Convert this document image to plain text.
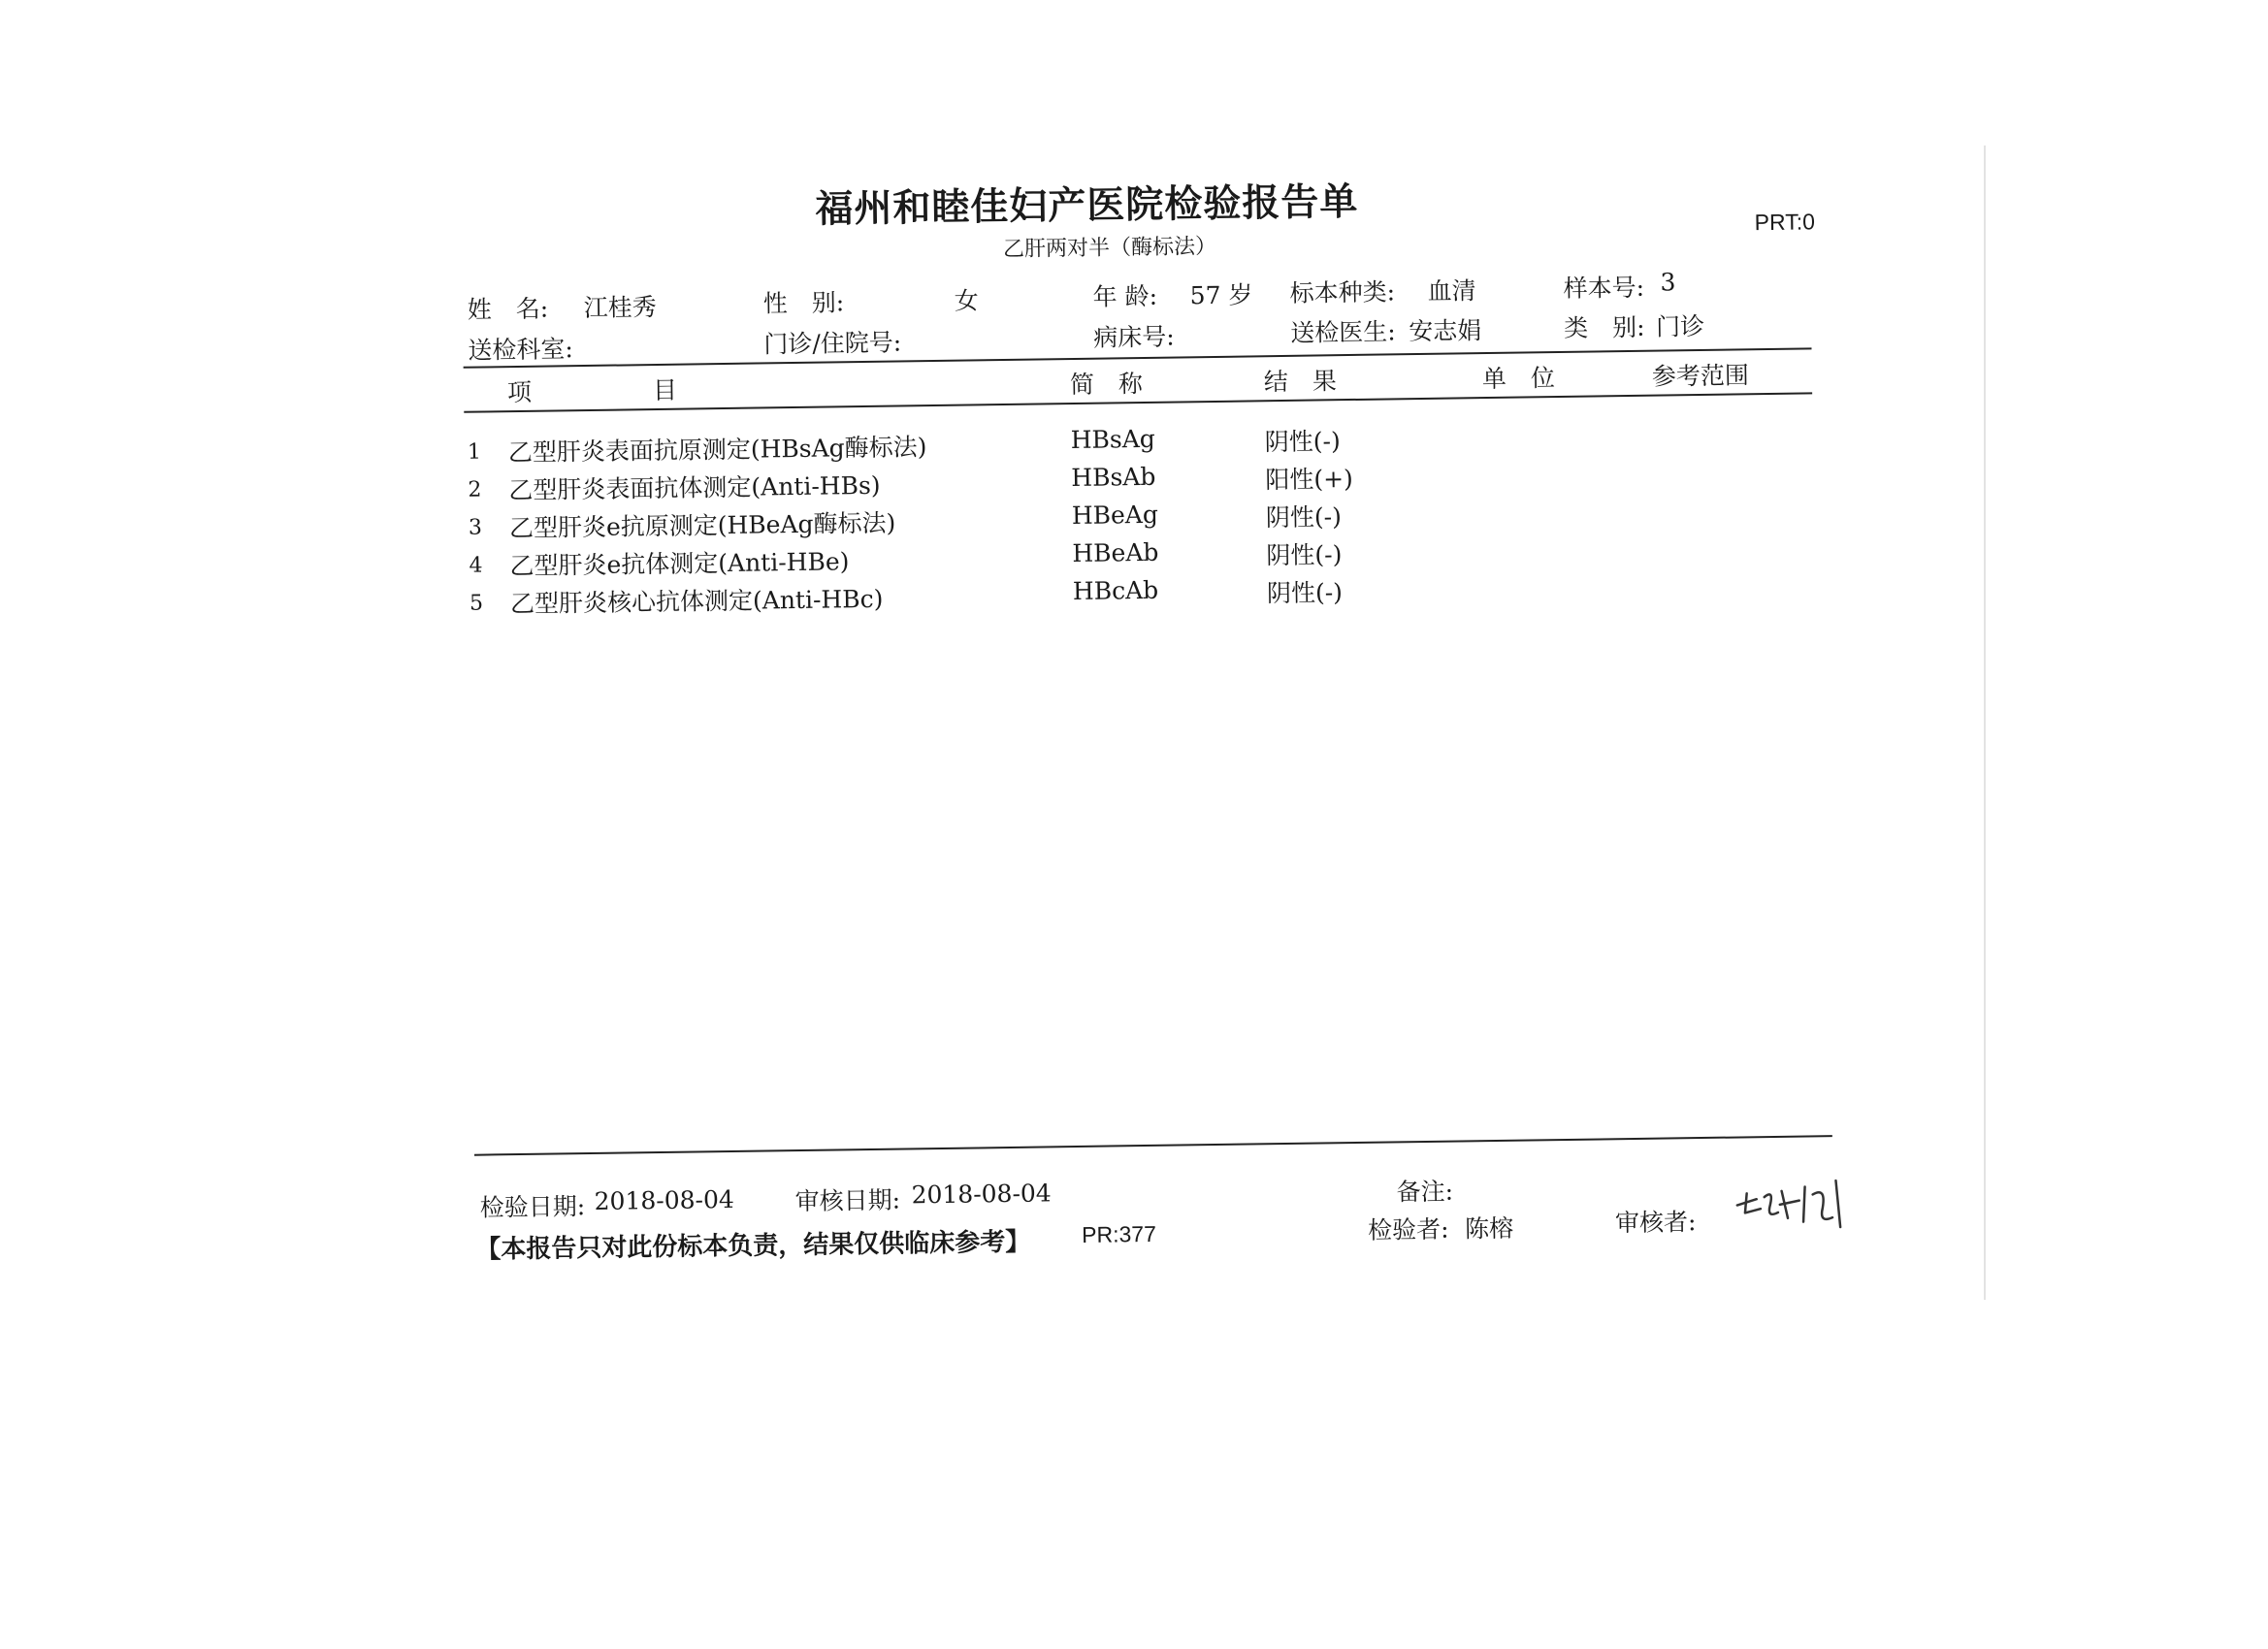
福州和睦佳妇产医院检验报告单
乙肝两对半（酶标法）
PRT:0
姓　名: 江桂秀	性　别:	女	年 龄: 57 岁 标本种类: 血清	样本号: 3
送检科室:	门诊/住院号:	病床号:	送检医生: 安志娟	类　别: 门诊
项　　　　　目	简　称	结　果	单　位	参考范围
1 乙型肝炎表面抗原测定(HBsAg酶标法)	HBsAg	阴性(-)
2 乙型肝炎表面抗体测定(Anti-HBs)	HBsAb	阳性(+)
3 乙型肝炎e抗原测定(HBeAg酶标法)	HBeAg	阴性(-)
4 乙型肝炎e抗体测定(Anti-HBe)	HBeAb	阴性(-)
5 乙型肝炎核心抗体测定(Anti-HBc)	HBcAb	阴性(-)
检验日期: 2018-08-04 审核日期: 2018-08-04	备注:
检验者: 陈榕	审核者:
【本报告只对此份标本负责，结果仅供临床参考】 PR:377
